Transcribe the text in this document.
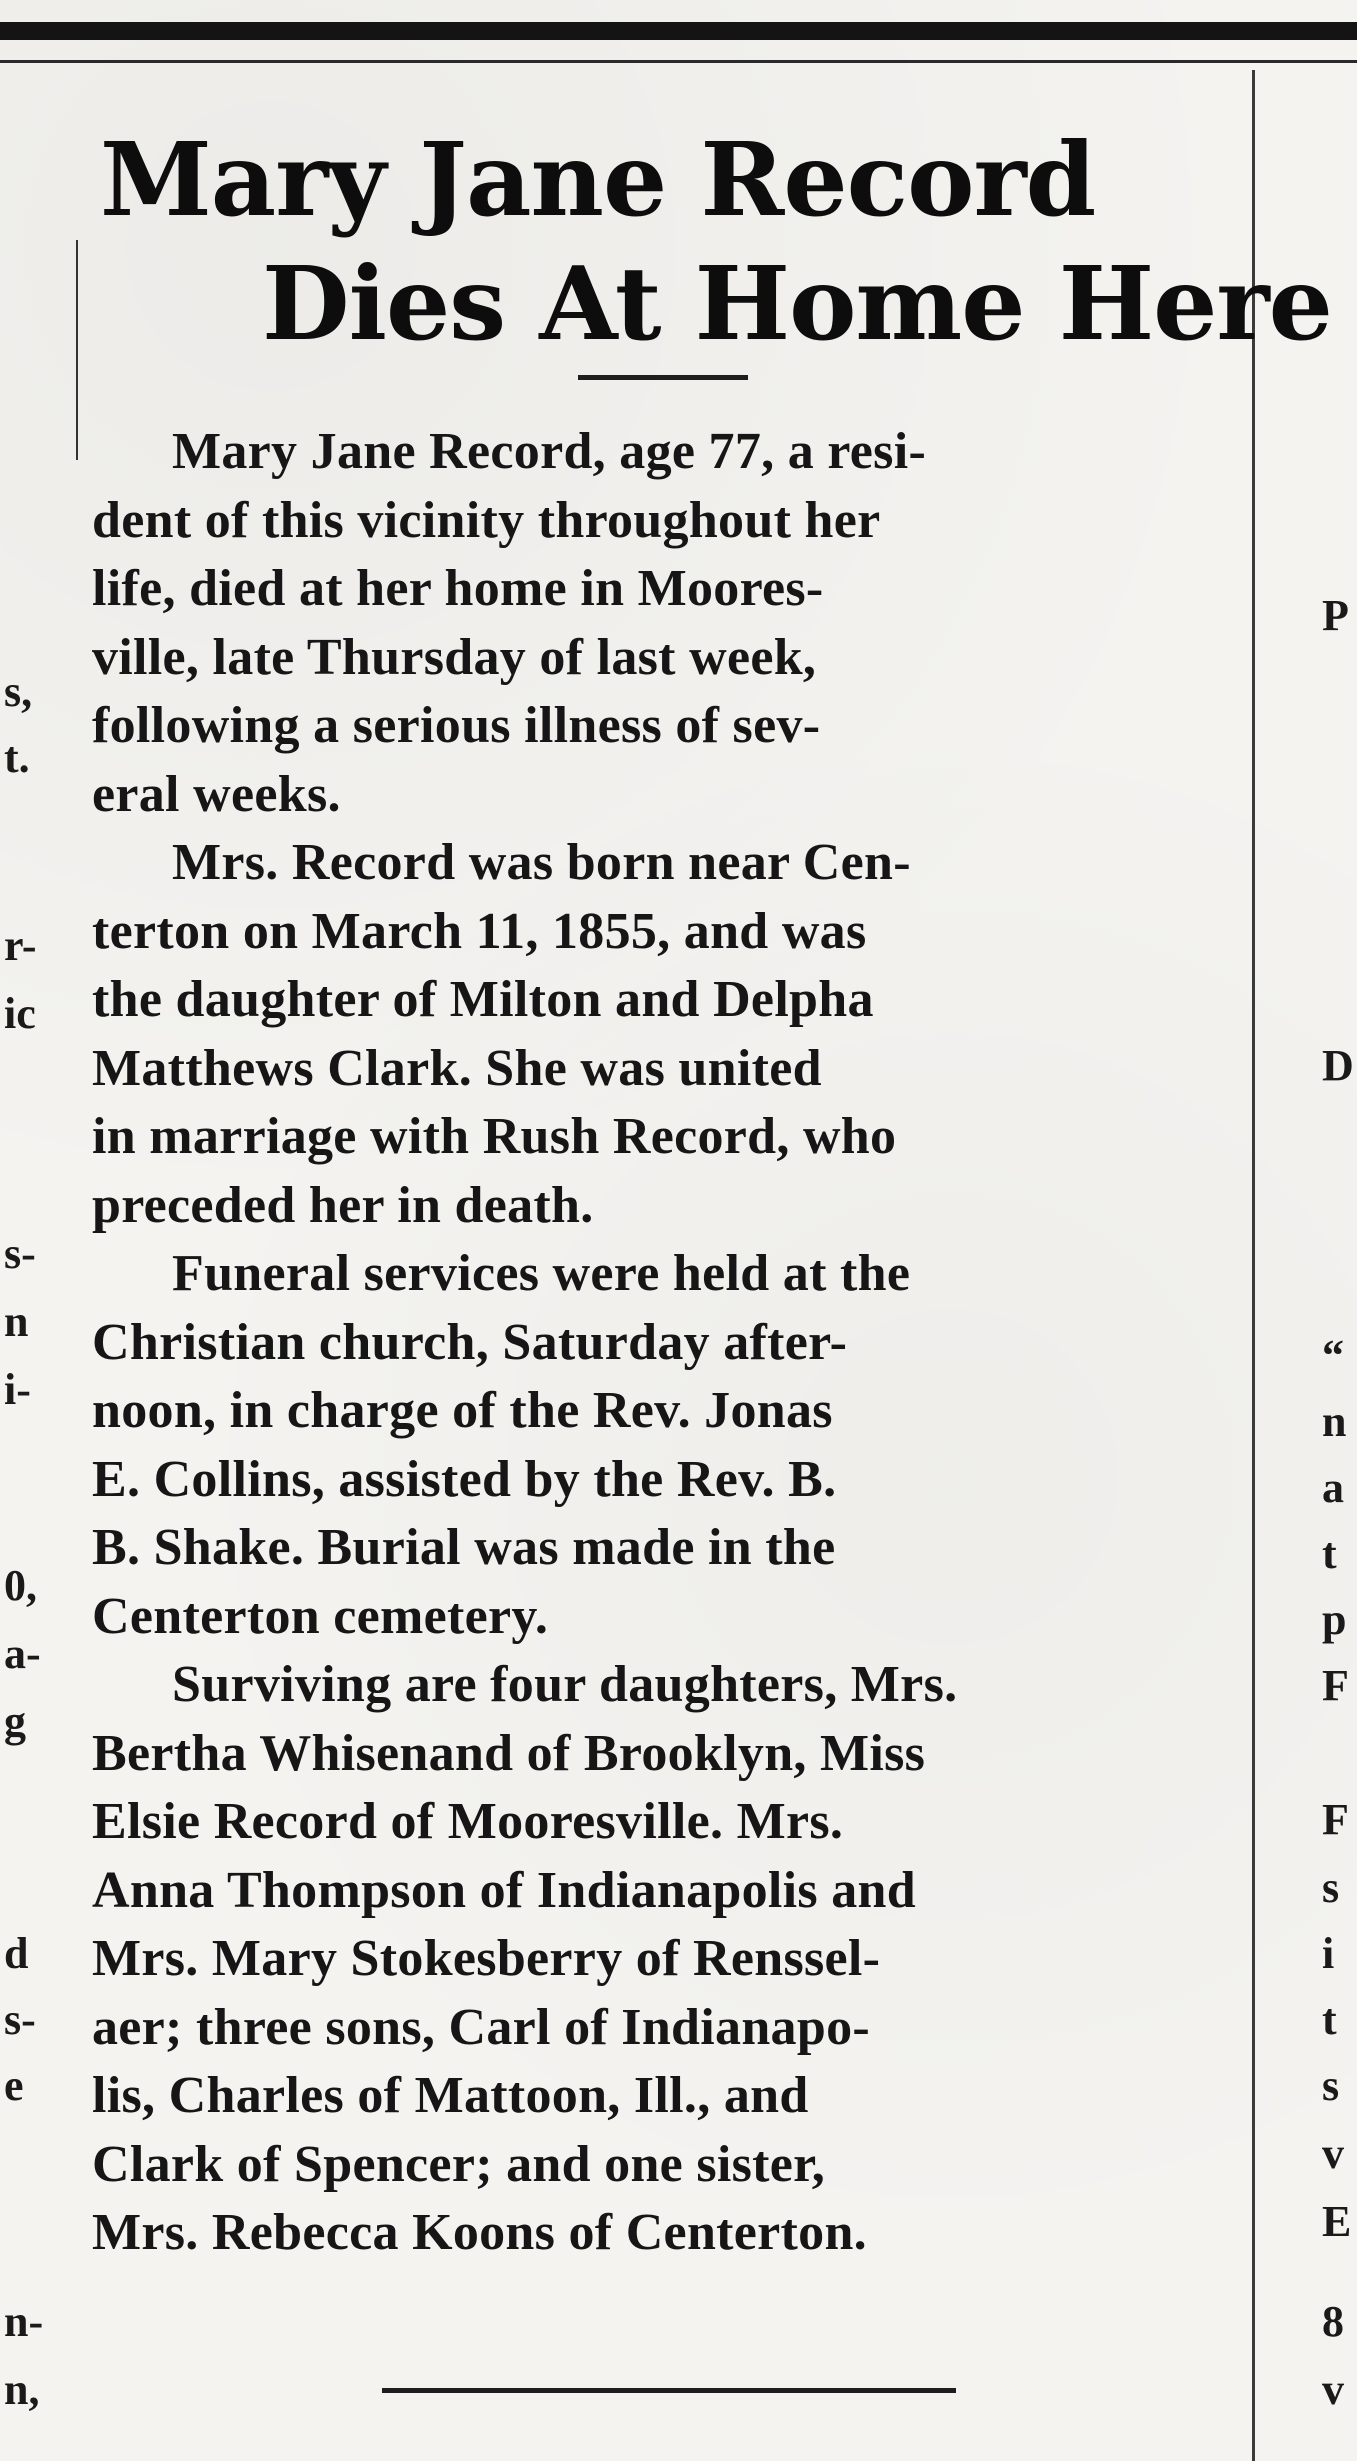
s,
t.
r-
ic
s-
n
i-
0,
a-
g
d
s-
e
n-
n,
P
D
“
n
a
t
p
F
F
s
i
t
s
v
E
8
v
Mary Jane Record
Dies At Home Here
Mary Jane Record, age 77, a resi-
dent of this vicinity throughout her
life, died at her home in Moores-
ville, late Thursday of last week,
following a serious illness of sev-
eral weeks.
Mrs. Record was born near Cen-
terton on March 11, 1855, and was
the daughter of Milton and Delpha
Matthews Clark. She was united
in marriage with Rush Record, who
preceded her in death.
Funeral services were held at the
Christian church, Saturday after-
noon, in charge of the Rev. Jonas
E. Collins, assisted by the Rev. B.
B. Shake. Burial was made in the
Centerton cemetery.
Surviving are four daughters, Mrs.
Bertha Whisenand of Brooklyn, Miss
Elsie Record of Mooresville. Mrs.
Anna Thompson of Indianapolis and
Mrs. Mary Stokesberry of Renssel-
aer; three sons, Carl of Indianapo-
lis, Charles of Mattoon, Ill., and
Clark of Spencer; and one sister,
Mrs. Rebecca Koons of Centerton.
